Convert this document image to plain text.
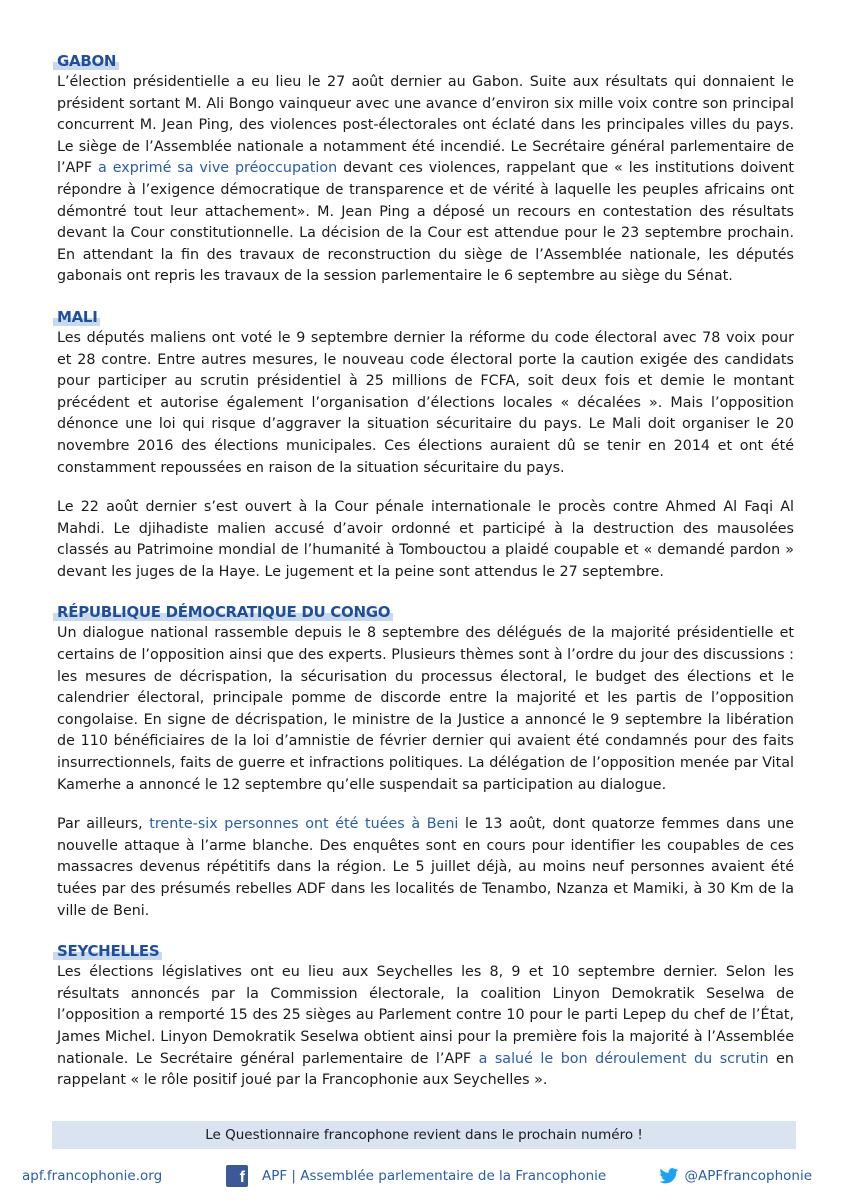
GABON

L’élection présidentielle a eu lieu le 27 août dernier au Gabon. Suite aux résultats qui donnaient le président sortant M. Ali Bongo vainqueur avec une avance d’environ six mille voix contre son principal concurrent M. Jean Ping, des violences post-électorales ont éclaté dans les principales villes du pays. Le siège de l’Assemblée nationale a notamment été incendié. Le Secrétaire général parlementaire de l’APF a exprimé sa vive préoccupation devant ces violences, rappelant que « les institutions doivent répondre à l’exigence démocratique de transparence et de vérité à laquelle les peuples africains ont démontré tout leur attachement». M. Jean Ping a déposé un recours en contestation des résultats devant la Cour constitutionnelle. La décision de la Cour est attendue pour le 23 septembre prochain. En attendant la fin des travaux de reconstruction du siège de l’Assemblée nationale, les députés gabonais ont repris les travaux de la session parlementaire le 6 septembre au siège du Sénat.

MALI

Les députés maliens ont voté le 9 septembre dernier la réforme du code électoral avec 78 voix pour et 28 contre. Entre autres mesures, le nouveau code électoral porte la caution exigée des candidats pour participer au scrutin présidentiel à 25 millions de FCFA, soit deux fois et demie le montant précédent et autorise également l’organisation d’élections locales « décalées ». Mais l’opposition dénonce une loi qui risque d’aggraver la situation sécuritaire du pays. Le Mali doit organiser le 20 novembre 2016 des élections municipales. Ces élections auraient dû se tenir en 2014 et ont été constamment repoussées en raison de la situation sécuritaire du pays.

Le 22 août dernier s’est ouvert à la Cour pénale internationale le procès contre Ahmed Al Faqi Al Mahdi. Le djihadiste malien accusé d’avoir ordonné et participé à la destruction des mausolées classés au Patrimoine mondial de l’humanité à Tombouctou a plaidé coupable et « demandé pardon » devant les juges de la Haye. Le jugement et la peine sont attendus le 27 septembre.

RÉPUBLIQUE DÉMOCRATIQUE DU CONGO

Un dialogue national rassemble depuis le 8 septembre des délégués de la majorité présidentielle et certains de l’opposition ainsi que des experts. Plusieurs thèmes sont à l’ordre du jour des discussions : les mesures de décrispation, la sécurisation du processus électoral, le budget des élections et le calendrier électoral, principale pomme de discorde entre la majorité et les partis de l’opposition congolaise. En signe de décrispation, le ministre de la Justice a annoncé le 9 septembre la libération de 110 bénéficiaires de la loi d’amnistie de février dernier qui avaient été condamnés pour des faits insurrectionnels, faits de guerre et infractions politiques. La délégation de l’opposition menée par Vital Kamerhe a annoncé le 12 septembre qu’elle suspendait sa participation au dialogue.

Par ailleurs, trente-six personnes ont été tuées à Beni le 13 août, dont quatorze femmes dans une nouvelle attaque à l’arme blanche. Des enquêtes sont en cours pour identifier les coupables de ces massacres devenus répétitifs dans la région. Le 5 juillet déjà, au moins neuf personnes avaient été tuées par des présumés rebelles ADF dans les localités de Tenambo, Nzanza et Mamiki, à 30 Km de la ville de Beni.

SEYCHELLES

Les élections législatives ont eu lieu aux Seychelles les 8, 9 et 10 septembre dernier. Selon les résultats annoncés par la Commission électorale, la coalition Linyon Demokratik Seselwa de l’opposition a remporté 15 des 25 sièges au Parlement contre 10 pour le parti Lepep du chef de l’État, James Michel. Linyon Demokratik Seselwa obtient ainsi pour la première fois la majorité à l’Assemblée nationale. Le Secrétaire général parlementaire de l’APF a salué le bon déroulement du scrutin en rappelant « le rôle positif joué par la Francophonie aux Seychelles ».

Le Questionnaire francophone revient dans le prochain numéro !
apf.francophonie.org	f APF | Assemblée parlementaire de la Francophonie	@APFfrancophonie
